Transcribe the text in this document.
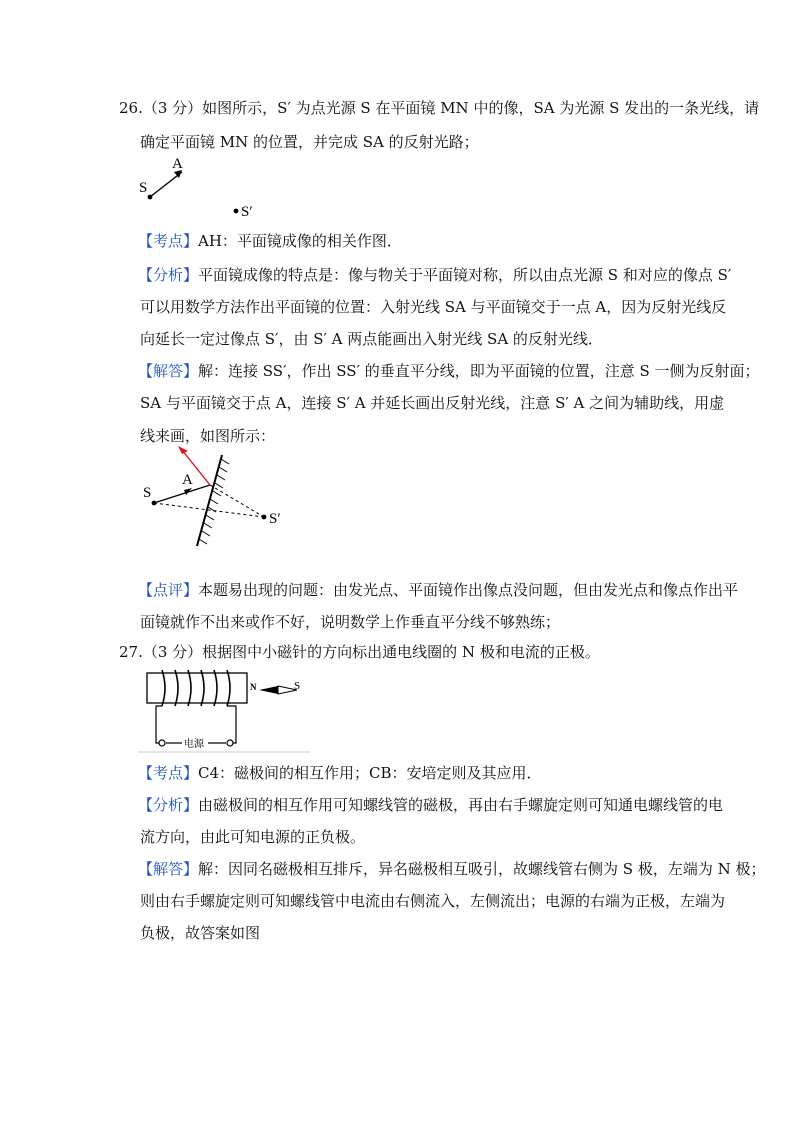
26.（3 分）如图所示，S′ 为点光源 S 在平面镜 MN 中的像，SA 为光源 S 发出的一条光线，请
确定平面镜 MN 的位置，并完成 SA 的反射光路；
A
S
S′
【考点】AH：平面镜成像的相关作图．
【分析】平面镜成像的特点是：像与物关于平面镜对称，所以由点光源 S 和对应的像点 S′
可以用数学方法作出平面镜的位置：入射光线 SA 与平面镜交于一点 A，因为反射光线反
向延长一定过像点 S′，由 S′ A 两点能画出入射光线 SA 的反射光线．
【解答】解：连接 SS′，作出 SS′ 的垂直平分线，即为平面镜的位置，注意 S 一侧为反射面；
SA 与平面镜交于点 A，连接 S′ A 并延长画出反射光线，注意 S′ A 之间为辅助线，用虚
线来画，如图所示：
A
S
S′
【点评】本题易出现的问题：由发光点、平面镜作出像点没问题，但由发光点和像点作出平
面镜就作不出来或作不好，说明数学上作垂直平分线不够熟练；
27.（3 分）根据图中小磁针的方向标出通电线圈的 N 极和电流的正极。
电源
N	S
【考点】C4：磁极间的相互作用；CB：安培定则及其应用．
【分析】由磁极间的相互作用可知螺线管的磁极，再由右手螺旋定则可知通电螺线管的电
流方向，由此可知电源的正负极。
【解答】解：因同名磁极相互排斥，异名磁极相互吸引，故螺线管右侧为 S 极，左端为 N 极；
则由右手螺旋定则可知螺线管中电流由右侧流入，左侧流出；电源的右端为正极，左端为
负极，故答案如图
